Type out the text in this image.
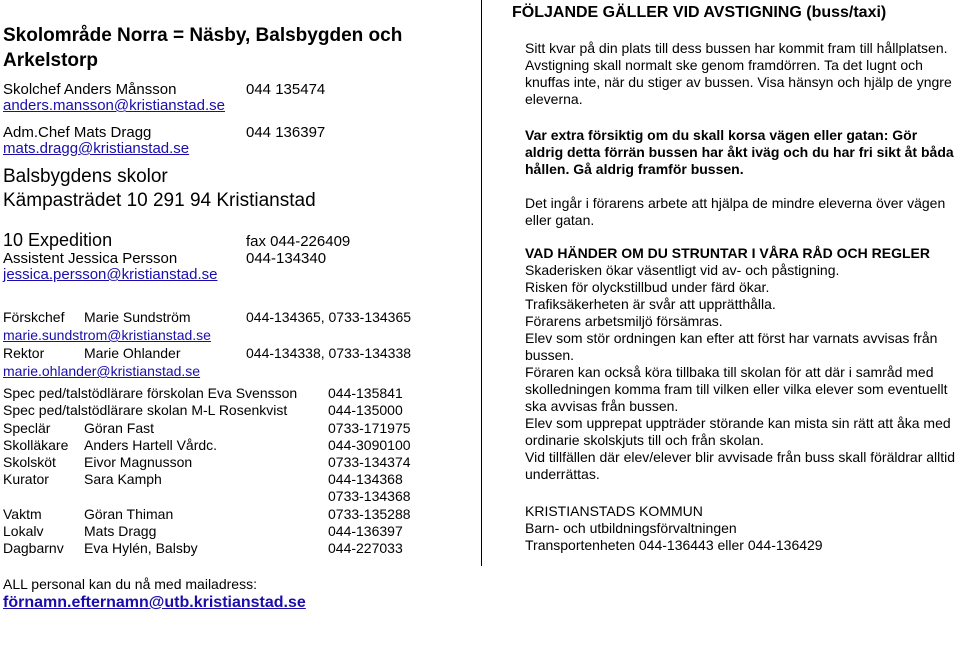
Skolområde Norra = Näsby, Balsbygden och
Arkelstorp
Skolchef Anders Månsson	044 135474
anders.mansson@kristianstad.se
Adm.Chef Mats Dragg	044 136397
mats.dragg@kristianstad.se
Balsbygdens skolor
Kämpasträdet 10 291 94 Kristianstad
10 Expedition	fax 044-226409
Assistent Jessica Persson	044-134340
jessica.persson@kristianstad.se
Förskchef Marie Sundström	044-134365, 0733-134365
marie.sundstrom@kristianstad.se
Rektor	Marie Ohlander	044-134338, 0733-134338
marie.ohlander@kristianstad.se
Spec ped/talstödlärare förskolan Eva Svensson 044-135841
Spec ped/talstödlärare skolan M-L Rosenkvist	044-135000
Speclär Göran Fast	0733-171975
Skolläkare Anders Hartell Vårdc.	044-3090100
Skolsköt Eivor Magnusson	0733-134374
Kurator	Sara Kamph	044-134368
0733-134368
Vaktm	Göran Thiman	0733-135288
Lokalv	Mats Dragg	044-136397
Dagbarnv Eva Hylén, Balsby	044-227033
ALL personal kan du nå med mailadress:
förnamn.efternamn@utb.kristianstad.se
FÖLJANDE GÄLLER VID AVSTIGNING (buss/taxi)

Sitt kvar på din plats till dess bussen har kommit fram till hållplatsen. Avstigning skall normalt ske genom framdörren. Ta det lugnt och knuffas inte, när du stiger av bussen. Visa hänsyn och hjälp de yngre eleverna.

Var extra försiktig om du skall korsa vägen eller gatan: Gör aldrig detta förrän bussen har åkt iväg och du har fri sikt åt båda hållen. Gå aldrig framför bussen.

Det ingår i förarens arbete att hjälpa de mindre eleverna över vägen eller gatan.

VAD HÄNDER OM DU STRUNTAR I VÅRA RÅD OCH REGLER

Skaderisken ökar väsentligt vid av- och påstigning.

Risken för olyckstillbud under färd ökar.

Trafiksäkerheten är svår att upprätthålla.

Förarens arbetsmiljö försämras.

Elev som stör ordningen kan efter att först har varnats avvisas från bussen.

Föraren kan också köra tillbaka till skolan för att där i samråd med skolledningen komma fram till vilken eller vilka elever som eventuellt ska avvisas från bussen.

Elev som upprepat uppträder störande kan mista sin rätt att åka med ordinarie skolskjuts till och från skolan.

Vid tillfällen där elev/elever blir avvisade från buss skall föräldrar alltid underrättas.

KRISTIANSTADS KOMMUN

Barn- och utbildningsförvaltningen

Transportenheten 044-136443 eller 044-136429
